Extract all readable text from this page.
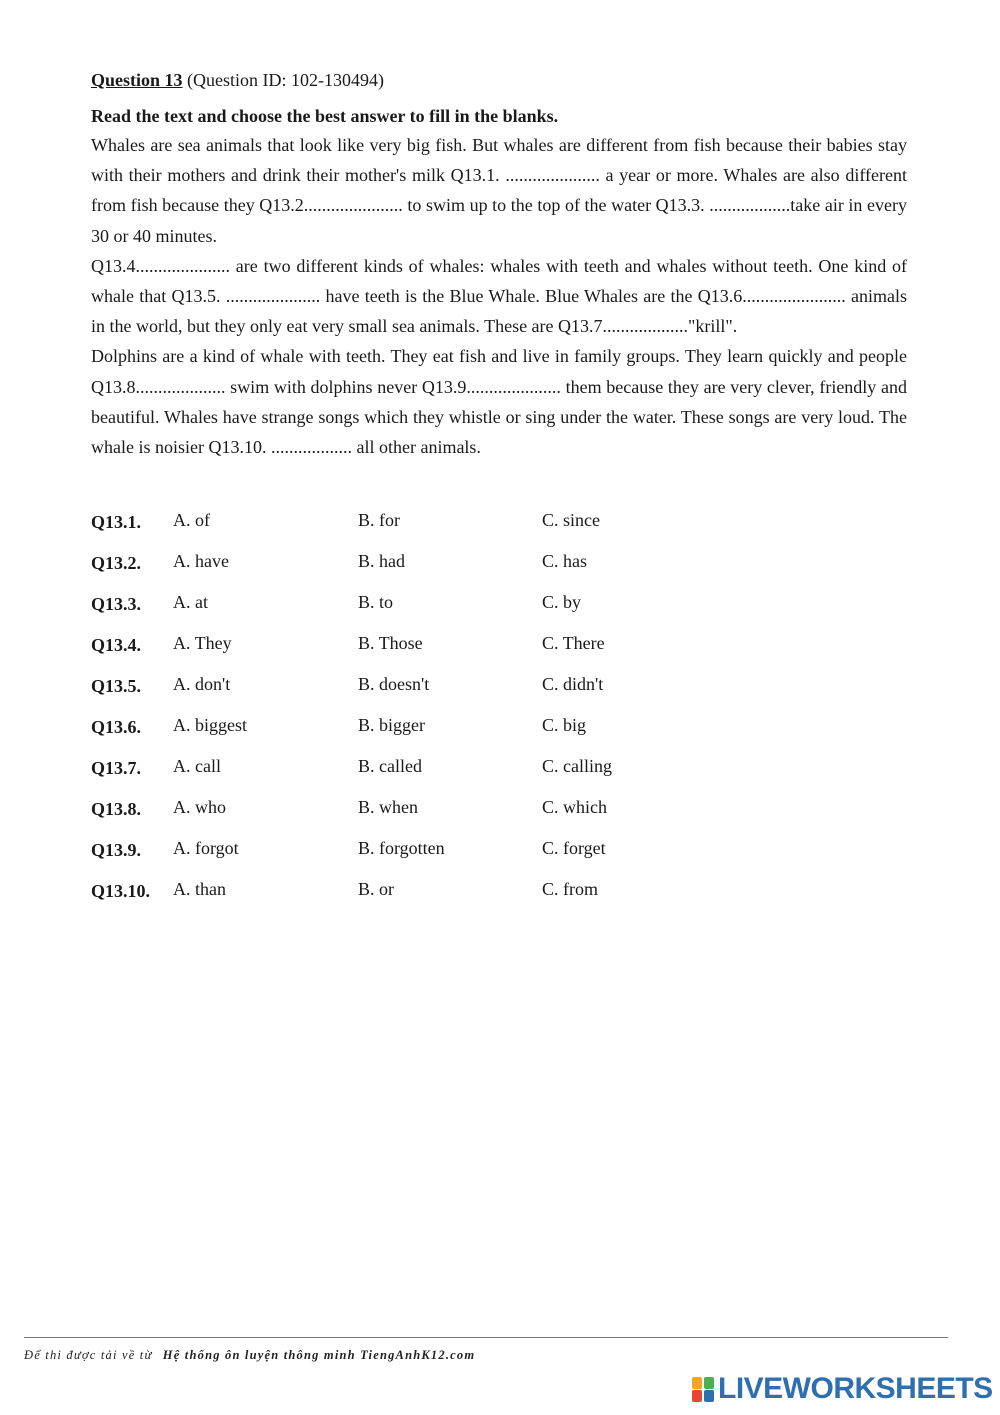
Question 13 (Question ID: 102-130494)
Read the text and choose the best answer to fill in the blanks.

Whales are sea animals that look like very big fish. But whales are different from fish because their babies stay with their mothers and drink their mother's milk Q13.1. ..................... a year or more. Whales are also different from fish because they Q13.2...................... to swim up to the top of the water Q13.3. ..................take air in every 30 or 40 minutes.

Q13.4..................... are two different kinds of whales: whales with teeth and whales without teeth. One kind of whale that Q13.5. ..................... have teeth is the Blue Whale. Blue Whales are the Q13.6....................... animals in the world, but they only eat very small sea animals. These are Q13.7..................."krill".

Dolphins are a kind of whale with teeth. They eat fish and live in family groups. They learn quickly and people Q13.8.................... swim with dolphins never Q13.9..................... them because they are very clever, friendly and beautiful. Whales have strange songs which they whistle or sing under the water. These songs are very loud. The whale is noisier Q13.10. .................. all other animals.

Q13.1. A. of	B. for	C. since
Q13.2. A. have	B. had	C. has
Q13.3. A. at	B. to	C. by
Q13.4. A. They	B. Those	C. There
Q13.5. A. don't	B. doesn't	C. didn't
Q13.6. A. biggest	B. bigger	C. big
Q13.7. A. call	B. called	C. calling
Q13.8. A. who	B. when	C. which
Q13.9. A. forgot	B. forgotten	C. forget
Q13.10. A. than	B. or	C. from
Để thi được tải về từ Hệ thống ôn luyện thông minh TiengAnhK12.com
LIVEWORKSHEETS
